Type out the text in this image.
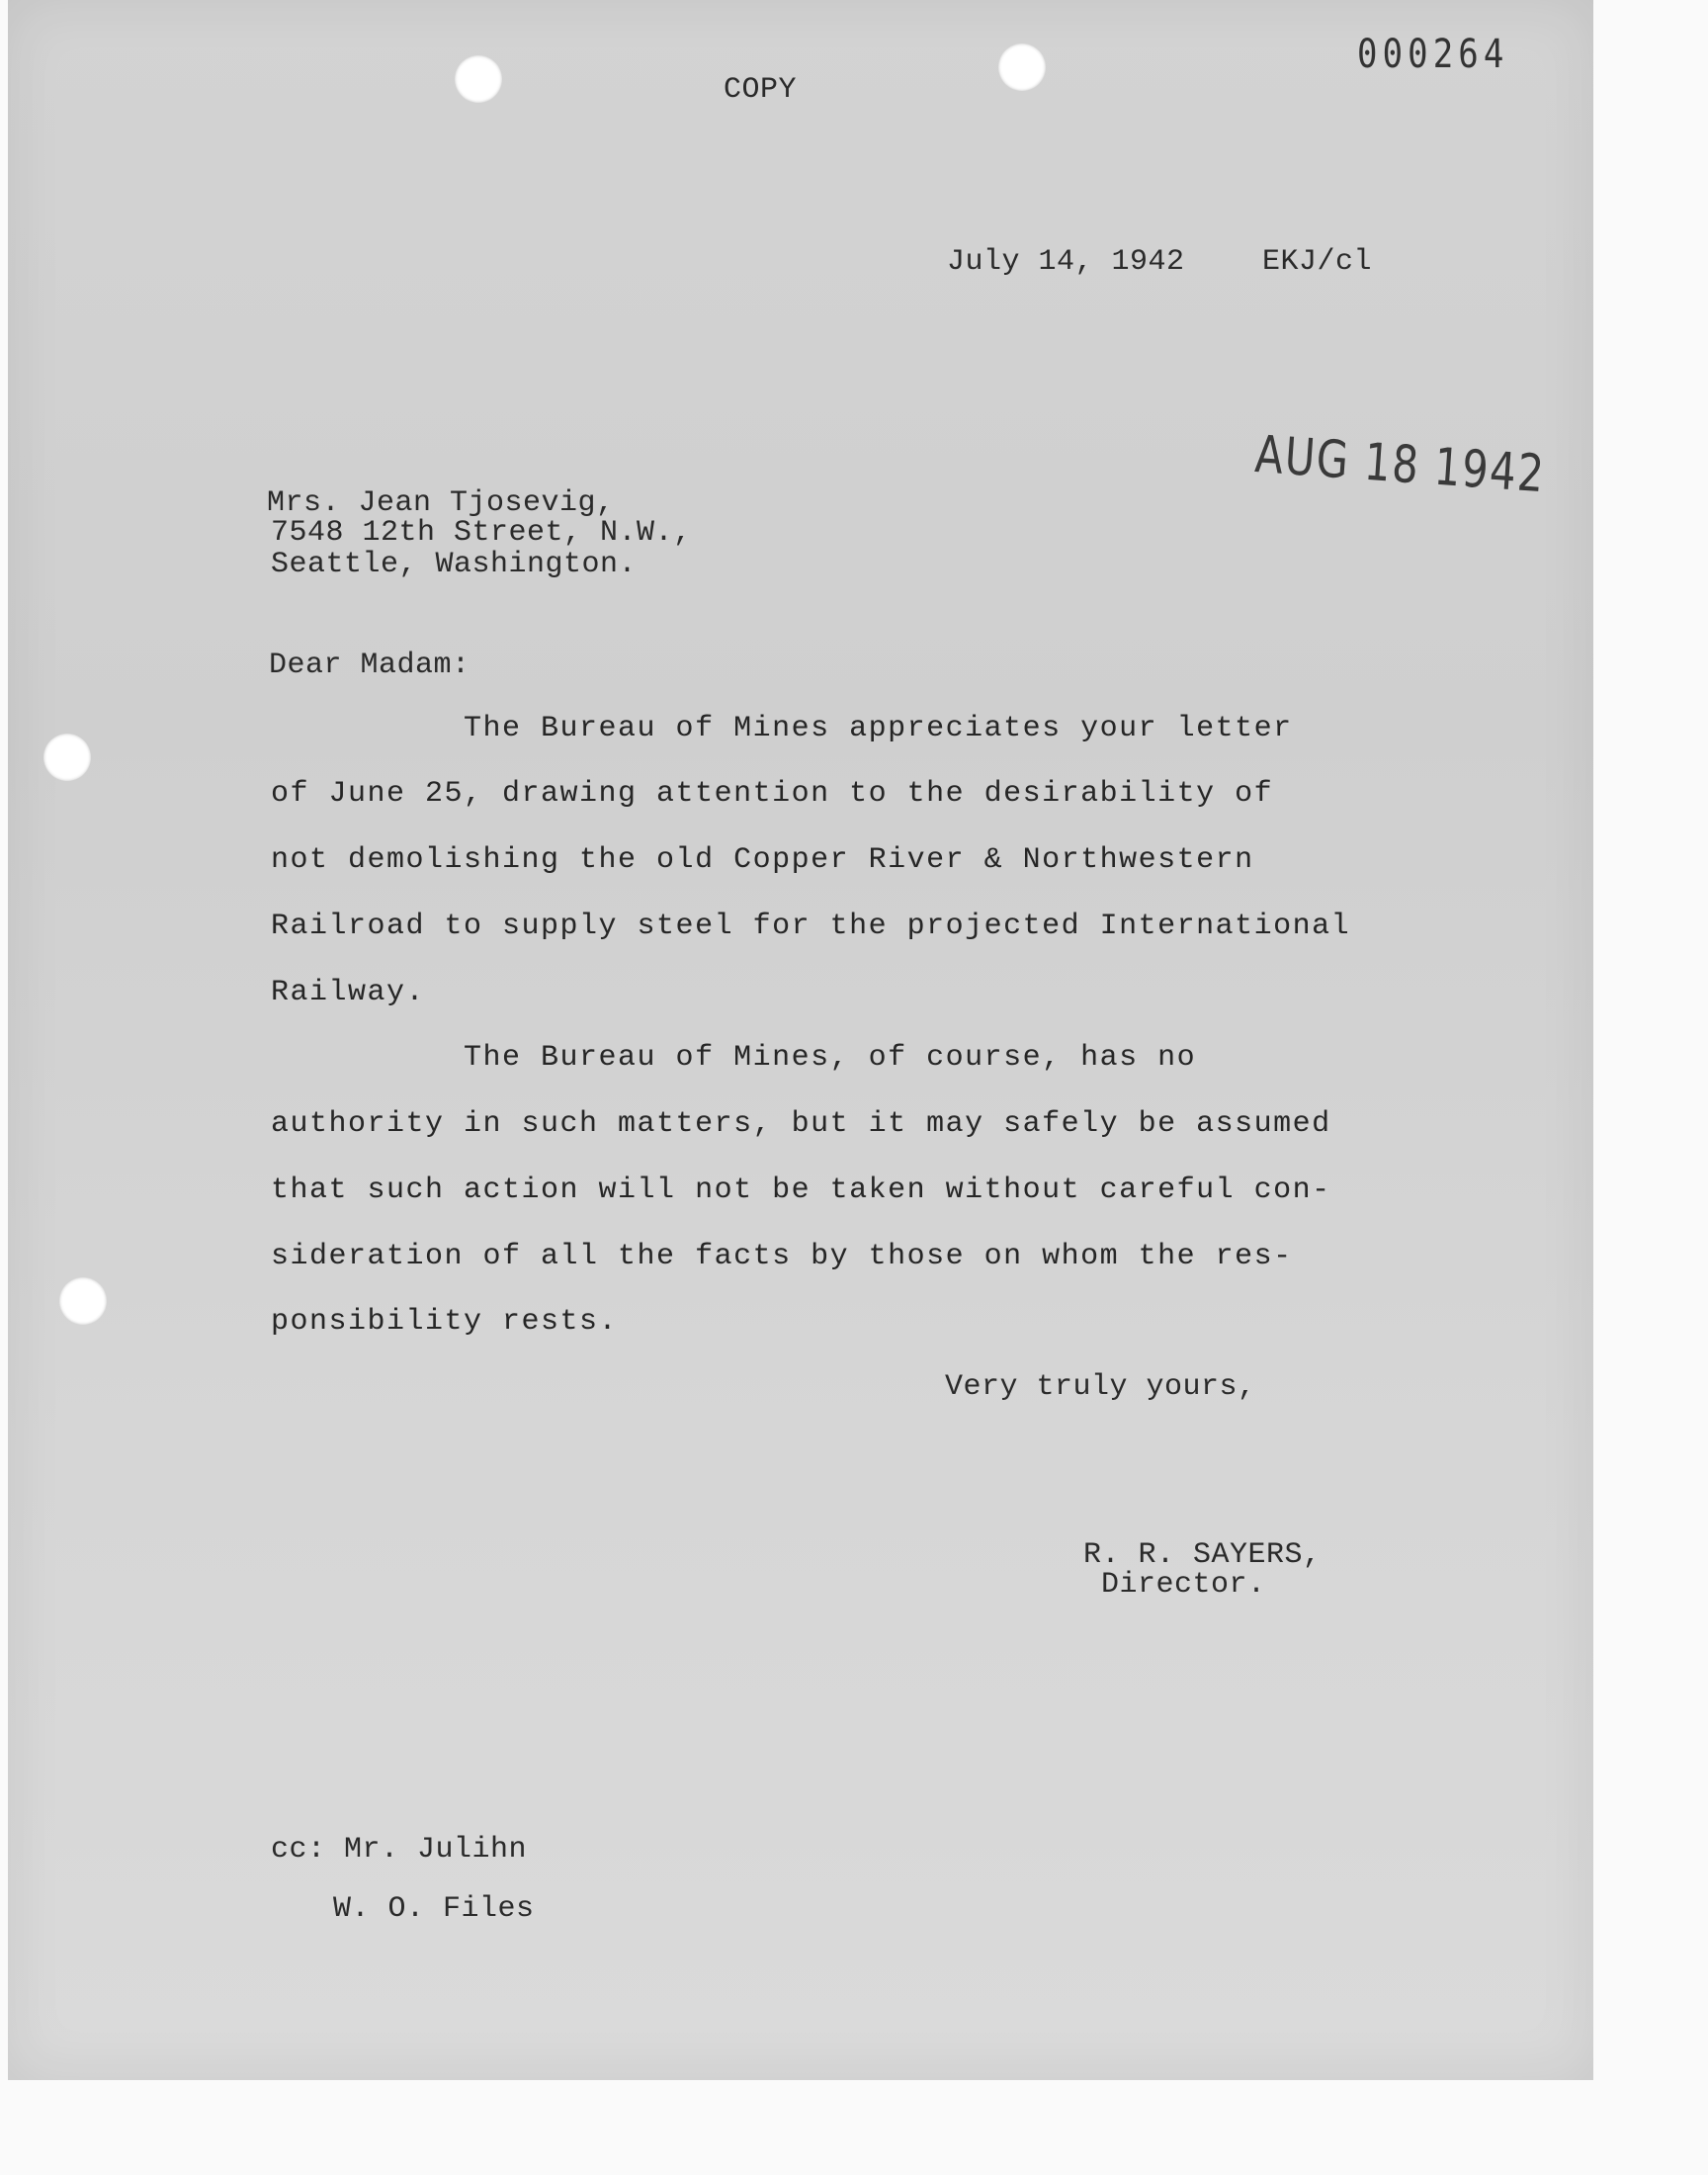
000264
COPY
July 14, 1942	EKJ/cl
AUG 18 1942
Mrs. Jean Tjosevig,
7548 12th Street, N.W.,
Seattle, Washington.
Dear Madam:
The Bureau of Mines appreciates your letter
of June 25, drawing attention to the desirability of
not demolishing the old Copper River & Northwestern
Railroad to supply steel for the projected International
Railway.
The Bureau of Mines, of course, has no
authority in such matters, but it may safely be assumed
that such action will not be taken without careful con-
sideration of all the facts by those on whom the res-
ponsibility rests.
Very truly yours,
R. R. SAYERS,
Director.
cc: Mr. Julihn
W. O. Files
